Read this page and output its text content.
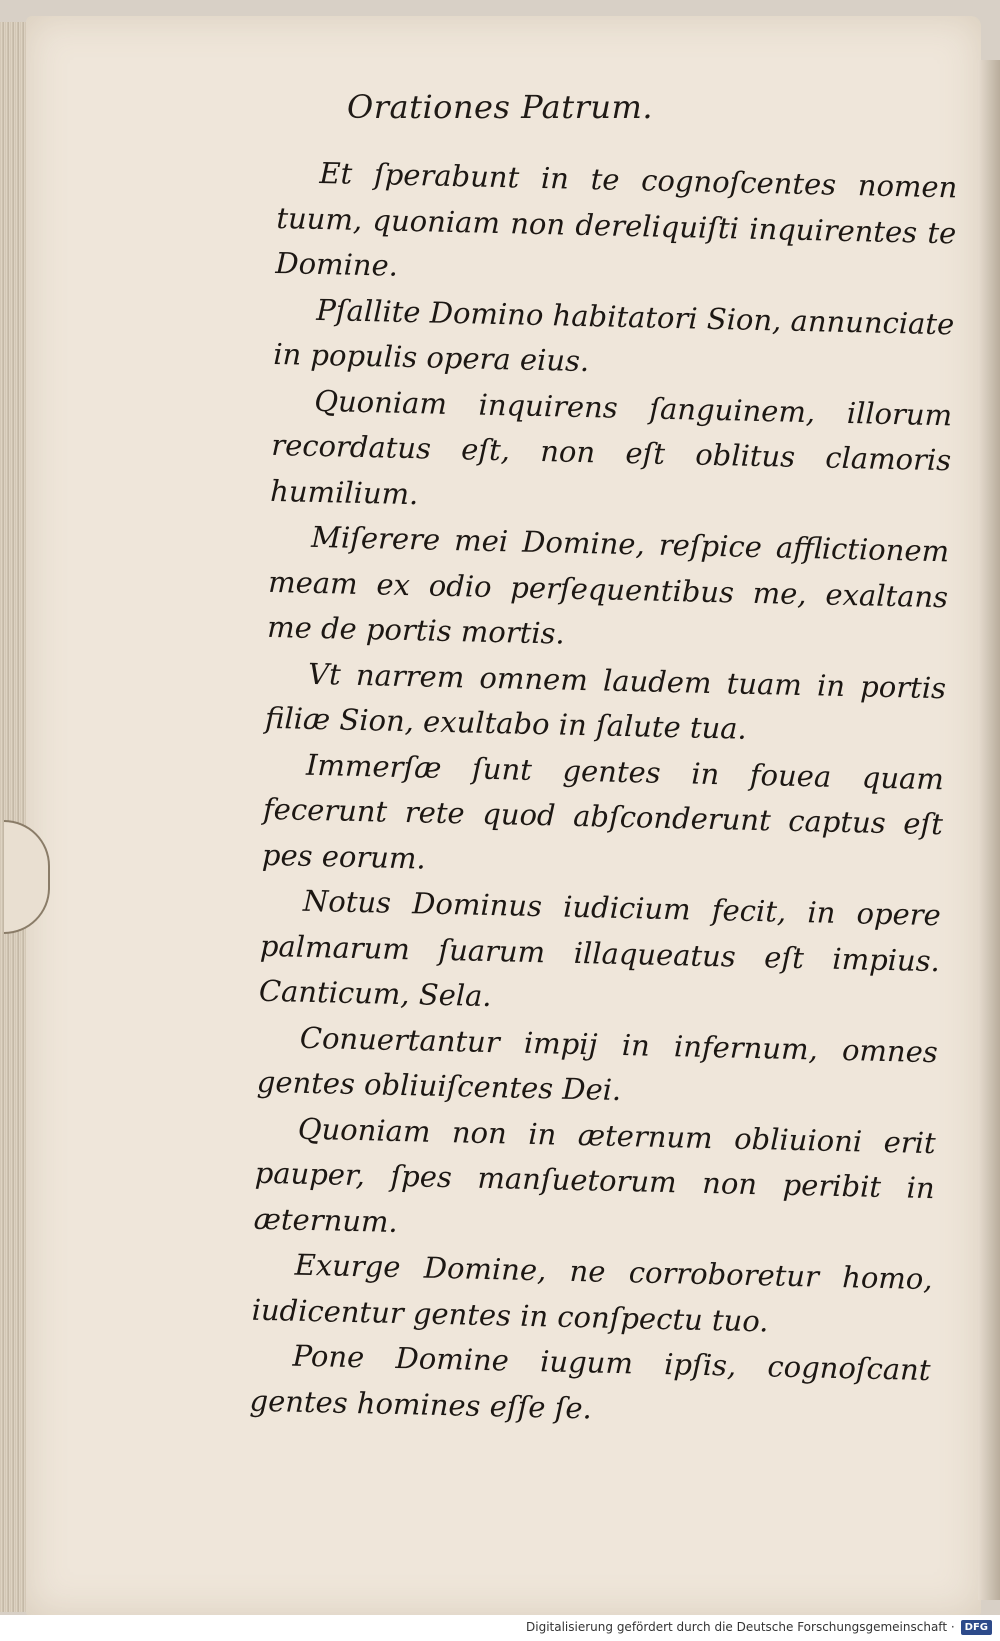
Orationes Patrum.

Et ſperabunt in te cognoſcentes nomen tuum, quoniam non dereliquiſti inquirentes te Domine.

Pſallite Domino habitatori Sion, annunciate in populis opera eius.

Quoniam inquirens ſanguinem, illorum recordatus eſt, non eſt oblitus clamoris humilium.

Miſerere mei Domine, reſpice afflictionem meam ex odio perſequentibus me, exaltans me de portis mortis.

Vt narrem omnem laudem tuam in portis filiæ Sion, exultabo in ſalute tua.

Immerſæ ſunt gentes in fouea quam fecerunt rete quod abſconderunt captus eſt pes eorum.

Notus Dominus iudicium fecit, in opere palmarum ſuarum illaqueatus eſt impius. Canticum, Sela.

Conuertantur impij in infernum, omnes gentes obliuiſcentes Dei.

Quoniam non in æternum obliuioni erit pauper, ſpes manſuetorum non peribit in æternum.

Exurge Domine, ne corroboretur homo, iudicentur gentes in conſpectu tuo.

Pone Domine iugum ipſis, cognoſcant gentes homines eſſe ſe.

Digitalisierung gefördert durch die Deutsche Forschungsgemeinschaft ·	DFG
